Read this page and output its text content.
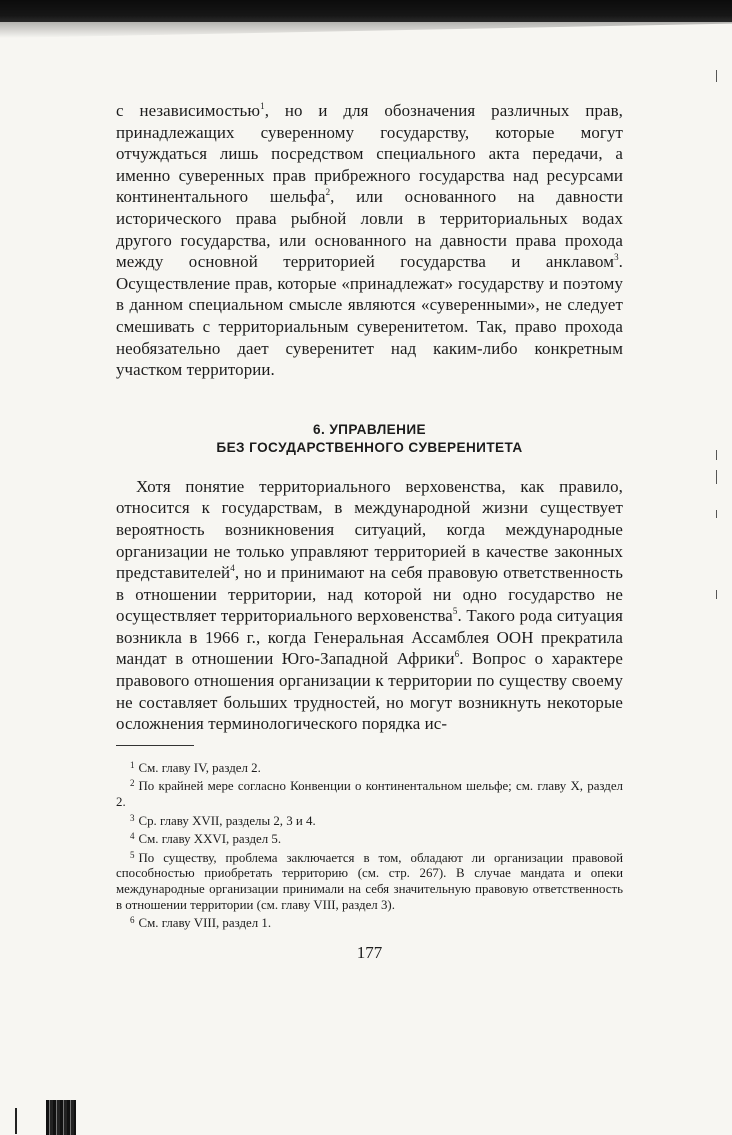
с независимостью$^1$, но и для обозначения различных прав, принадлежащих суверенному государству, которые могут отчуждаться лишь посредством специального акта передачи, а именно суверенных прав прибрежного государства над ресурсами континентального шельфа$^2$, или основанного на давности исторического права рыбной ловли в территориальных водах другого государства, или основанного на давности права прохода между основной территорией государства и анклавом$^3$. Осуществление прав, которые «принадлежат» государству и поэтому в данном специальном смысле являются «суверенными», не следует смешивать с территориальным суверенитетом. Так, право прохода необязательно дает суверенитет над каким-либо конкретным участком территории.

6. УПРАВЛЕНИЕ
БЕЗ ГОСУДАРСТВЕННОГО СУВЕРЕНИТЕТА

Хотя понятие территориального верховенства, как правило, относится к государствам, в международной жизни существует вероятность возникновения ситуаций, когда международные организации не только управляют территорией в качестве законных представителей$^4$, но и принимают на себя правовую ответственность в отношении территории, над которой ни одно государство не осуществляет территориального верховенства$^5$. Такого рода ситуация возникла в 1966 г., когда Генеральная Ассамблея ООН прекратила мандат в отношении Юго-Западной Африки$^6$. Вопрос о характере правового отношения организации к территории по существу своему не составляет больших трудностей, но могут возникнуть некоторые осложнения терминологического порядка ис-

$^1$ См. главу IV, раздел 2.

$^2$ По крайней мере согласно Конвенции о континентальном шельфе; см. главу X, раздел 2.

$^3$ Ср. главу XVII, разделы 2, 3 и 4.

$^4$ См. главу XXVI, раздел 5.

$^5$ По существу, проблема заключается в том, обладают ли организации правовой способностью приобретать территорию (см. стр. 267). В случае мандата и опеки международные организации принимали на себя значительную правовую ответственность в отношении территории (см. главу VIII, раздел 3).

$^6$ См. главу VIII, раздел 1.

177
